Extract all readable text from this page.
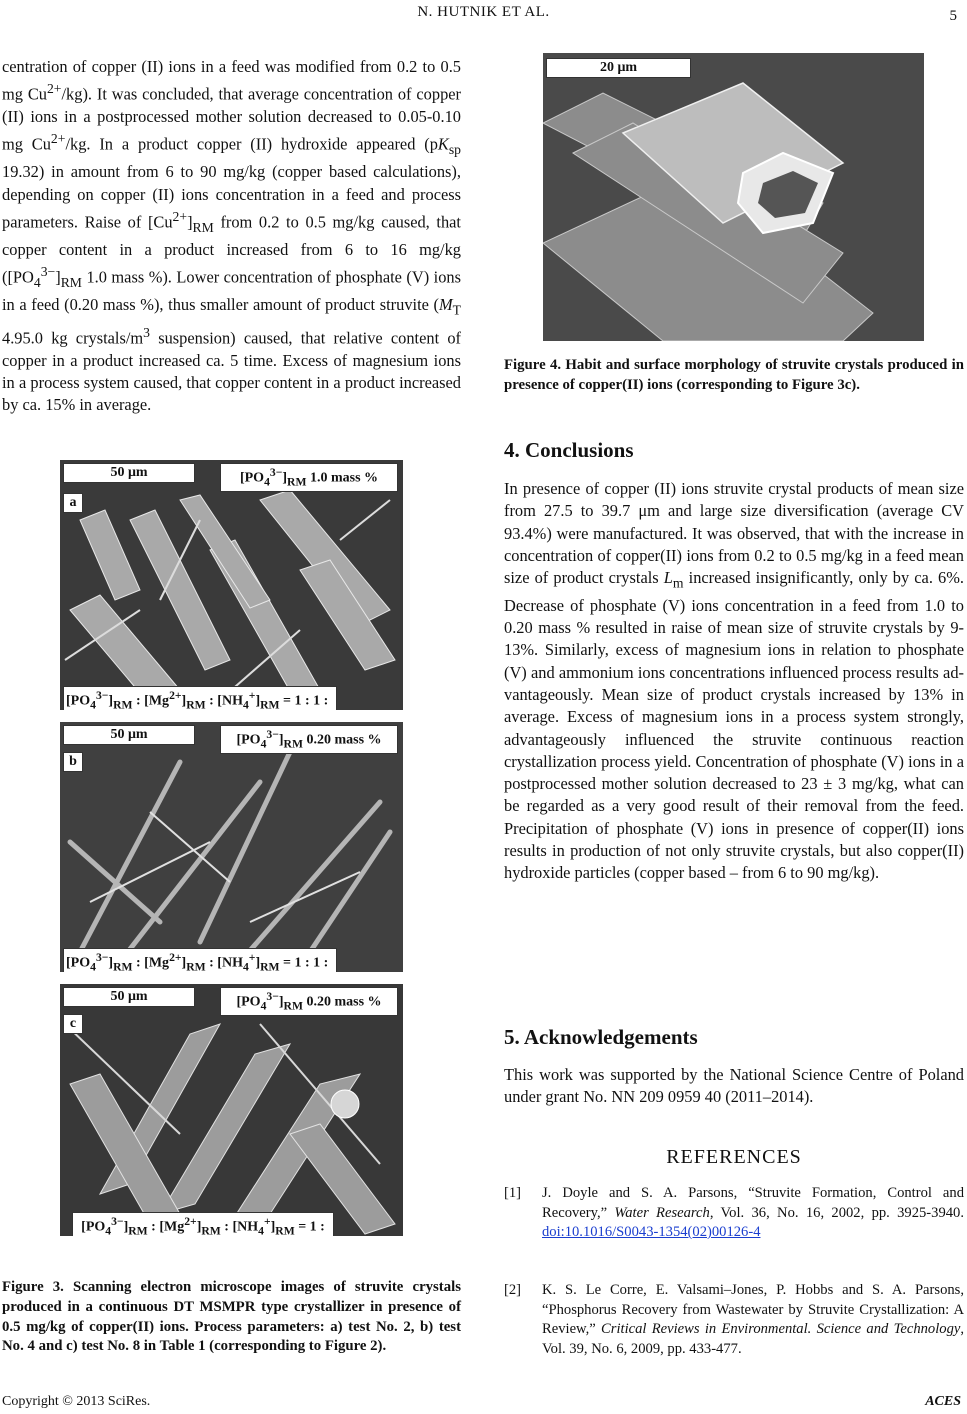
N. HUTNIK ET AL.	5

centration of copper (II) ions in a feed was modified from 0.2 to 0.5 mg $Cu^{2+}/kg$). It was concluded, that average concentration of copper (II) ions in a postprocessed mother solution decreased to 0.05-0.10 mg $Cu^{2+}/kg$. In a product copper (II) hydroxide appeared ($pK_{sp}$ 19.32) in amount from 6 to 90 mg/kg (copper based calculations), depending on copper (II) ions concentration in a feed and process parameters. Raise of $[Cu^{2+}]_{RM}$ from 0.2 to 0.5 mg/kg caused, that copper content in a product increased from 6 to 16 mg/kg ($[PO_4^{3-}]_{RM}$ 1.0 mass %). Lower concentration of phosphate (V) ions in a feed (0.20 mass %), thus smaller amount of product struvite ($M_T$ 4.95.0 kg crystals/$m^3$ suspension) caused, that relative content of copper in a product increased ca. 5 time. Excess of magnesium ions in a process system caused, that copper content in a product increased by ca. 15% in average.

50 μm	$[PO_4^{3-}]_{RM}$ 1.0 mass %
a
$[PO_4^{3-}]_{RM}$ : $[Mg^{2+}]_{RM}$ : $[NH_4^+]_{RM} = 1$ : 1 :
50 μm	$[PO_4^{3-}]_{RM}$ 0.20 mass %
b
$[PO_4^{3-}]_{RM}$ : $[Mg^{2+}]_{RM}$ : $[NH_4^+]_{RM} = 1$ : 1 :
50 μm	$[PO_4^{3-}]_{RM}$ 0.20 mass %
c
$[PO_4^{3-}]_{RM}$ : $[Mg^{2+}]_{RM}$ : $[NH_4^+]_{RM} = 1$ :

Figure 3. Scanning electron microscope images of struvite crystals produced in a continuous DT MSMPR type crystallizer in presence of 0.5 mg/kg of copper(II) ions. Process parameters: a) test No. 2, b) test No. 4 and c) test No. 8 in Table 1 (corresponding to Figure 2).

20 μm

Figure 4. Habit and surface morphology of struvite crystals produced in presence of copper(II) ions (corresponding to Figure 3c).

4. Conclusions

In presence of copper (II) ions struvite crystal products of mean size from 27.5 to 39.7 μm and large size diversification (average CV 93.4%) were manufactured. It was observed, that with the increase in concentration of copper(II) ions from 0.2 to 0.5 mg/kg in a feed mean size of product crystals $L_m$ increased insignificantly, only by ca. 6%. Decrease of phosphate (V) ions concentration in a feed from 1.0 to 0.20 mass % resulted in raise of mean size of struvite crystals by 9-13%. Similarly, excess of magnesium ions in relation to phosphate (V) and ammonium ions concentrations influenced process results advantageously. Mean size of product crystals increased by 13% in average. Excess of magnesium ions in a process system strongly, advantageously influenced the struvite continuous reaction crystallization process yield. Concentration of phosphate (V) ions in a postprocessed mother solution decreased to 23 ± 3 mg/kg, what can be regarded as a very good result of their removal from the feed. Precipitation of phosphate (V) ions in presence of copper(II) ions results in production of not only struvite crystals, but also copper(II) hydroxide particles (copper based – from 6 to 90 mg/kg).

5. Acknowledgements

This work was supported by the National Science Centre of Poland under grant No. NN 209 0959 40 (2011–2014).

REFERENCES
[1] J. Doyle and S. A. Parsons, “Struvite Formation, Control and Recovery,” Water Research, Vol. 36, No. 16, 2002, pp. 3925-3940. doi:10.1016/S0043-1354(02)00126-4
[2] K. S. Le Corre, E. Valsami–Jones, P. Hobbs and S. A. Parsons, “Phosphorus Recovery from Wastewater by Struvite Crystallization: A Review,” Critical Reviews in Environmental. Science and Technology, Vol. 39, No. 6, 2009, pp. 433-477.
Copyright © 2013 SciRes.	ACES
